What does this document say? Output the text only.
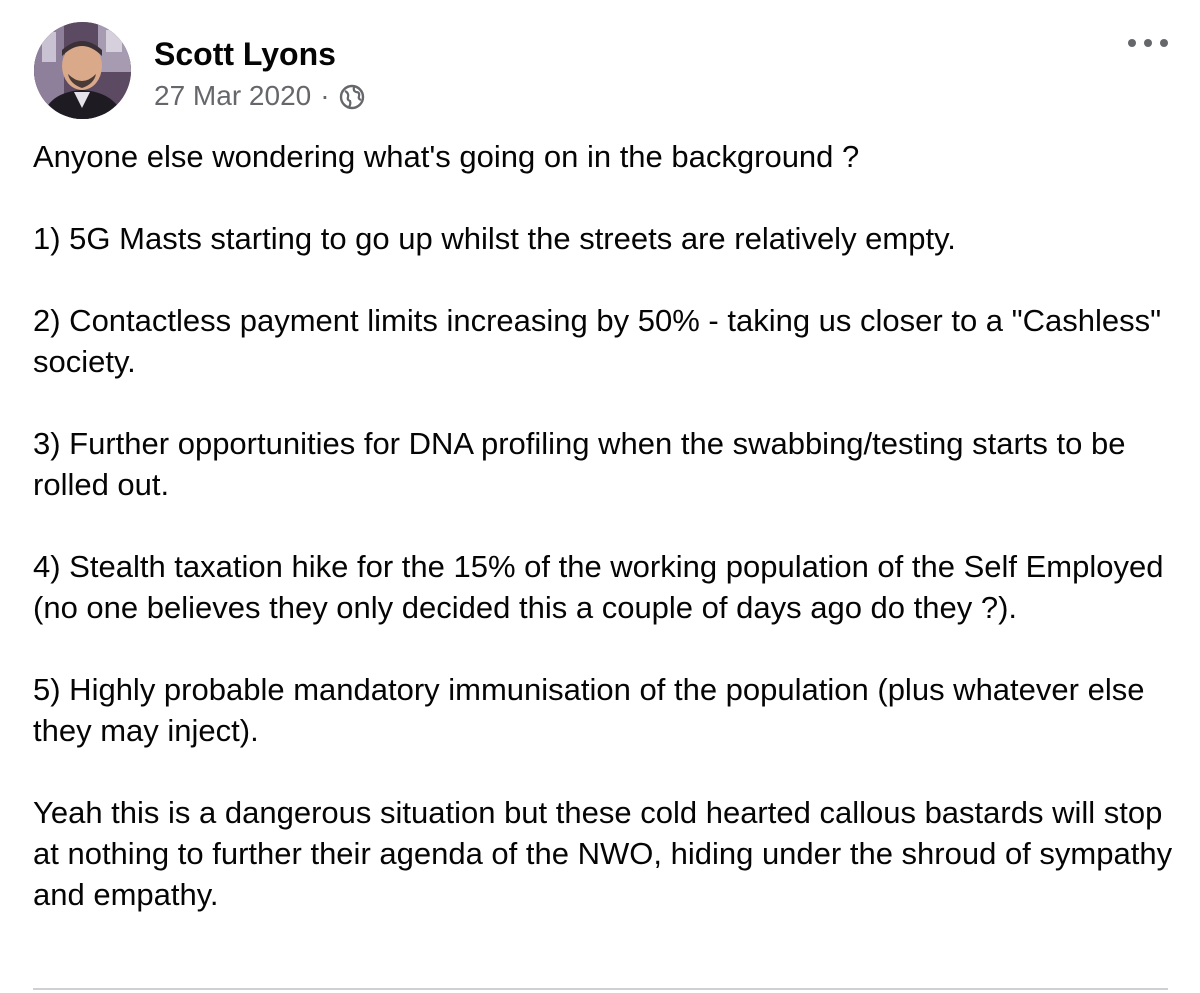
Scott Lyons
27 Mar 2020 ·

Anyone else wondering what's going on in the background ?

1) 5G Masts starting to go up whilst the streets are relatively empty.

2) Contactless payment limits increasing by 50% - taking us closer to a "Cashless" society.

3) Further opportunities for DNA profiling when the swabbing/testing starts to be rolled out.

4) Stealth taxation hike for the 15% of the working population of the Self Employed (no one believes they only decided this a couple of days ago do they ?).

5) Highly probable mandatory immunisation of the population (plus whatever else they may inject).

Yeah this is a dangerous situation but these cold hearted callous bastards will stop at nothing to further their agenda of the NWO, hiding under the shroud of sympathy and empathy.
